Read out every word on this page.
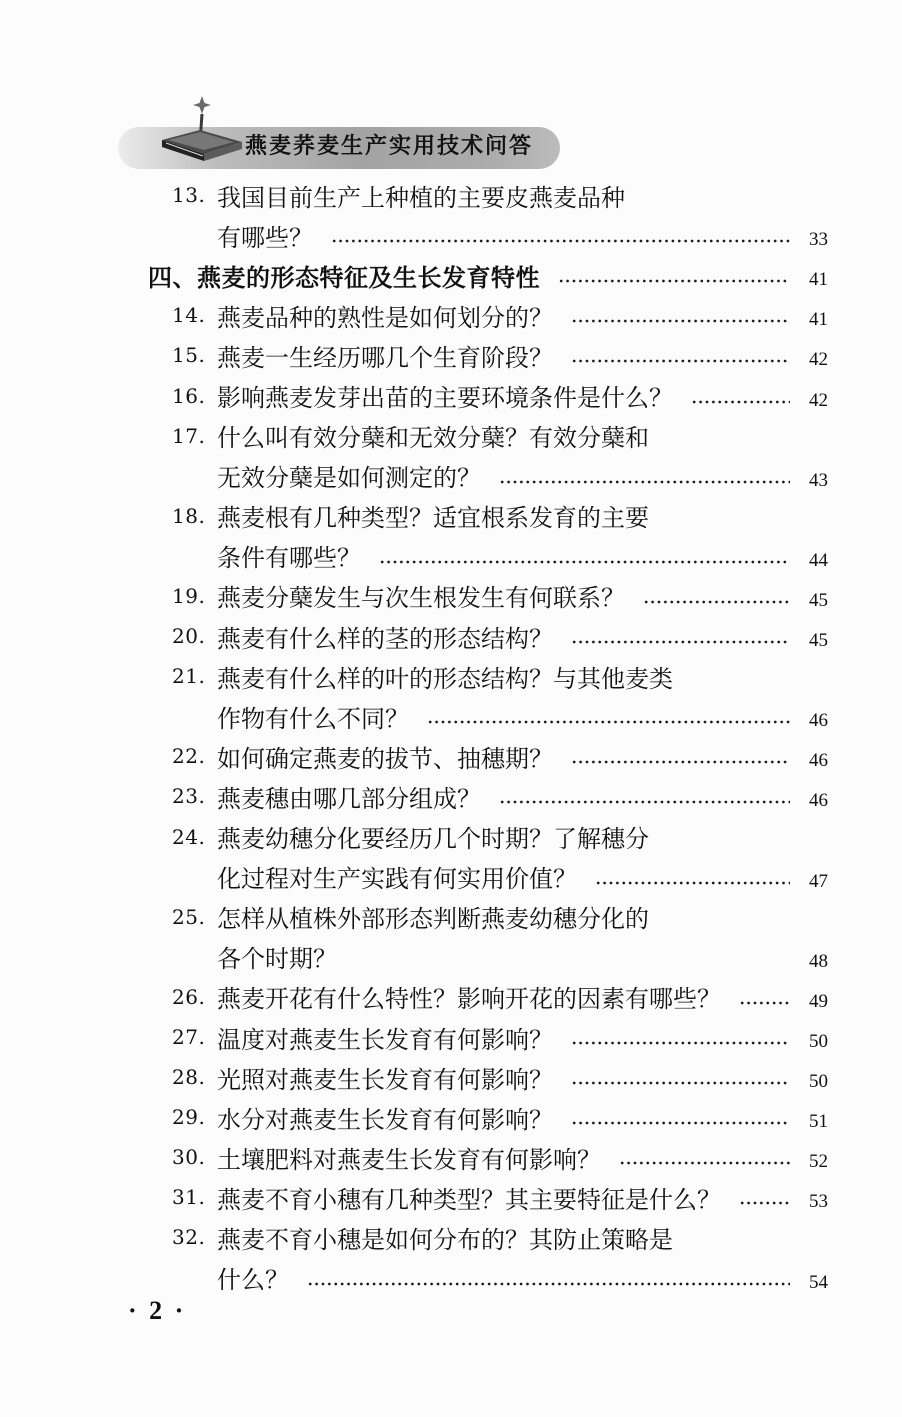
燕麦荞麦生产实用技术问答
13. 我国目前生产上种植的主要皮燕麦品种
有哪些？	33
四、燕麦的形态特征及生长发育特性	41
14. 燕麦品种的熟性是如何划分的？	41
15. 燕麦一生经历哪几个生育阶段？	42
16. 影响燕麦发芽出苗的主要环境条件是什么？	42
17. 什么叫有效分蘖和无效分蘖？有效分蘖和
无效分蘖是如何测定的？	43
18. 燕麦根有几种类型？适宜根系发育的主要
条件有哪些？	44
19. 燕麦分蘖发生与次生根发生有何联系？	45
20. 燕麦有什么样的茎的形态结构？	45
21. 燕麦有什么样的叶的形态结构？与其他麦类
作物有什么不同？	46
22. 如何确定燕麦的拔节、抽穗期？	46
23. 燕麦穗由哪几部分组成？	46
24. 燕麦幼穗分化要经历几个时期？了解穗分
化过程对生产实践有何实用价值？	47
25. 怎样从植株外部形态判断燕麦幼穗分化的
各个时期？	48
26. 燕麦开花有什么特性？影响开花的因素有哪些？	49
27. 温度对燕麦生长发育有何影响？	50
28. 光照对燕麦生长发育有何影响？	50
29. 水分对燕麦生长发育有何影响？	51
30. 土壤肥料对燕麦生长发育有何影响？	52
31. 燕麦不育小穗有几种类型？其主要特征是什么？	53
32. 燕麦不育小穗是如何分布的？其防止策略是
什么？	54
· 2 ·
